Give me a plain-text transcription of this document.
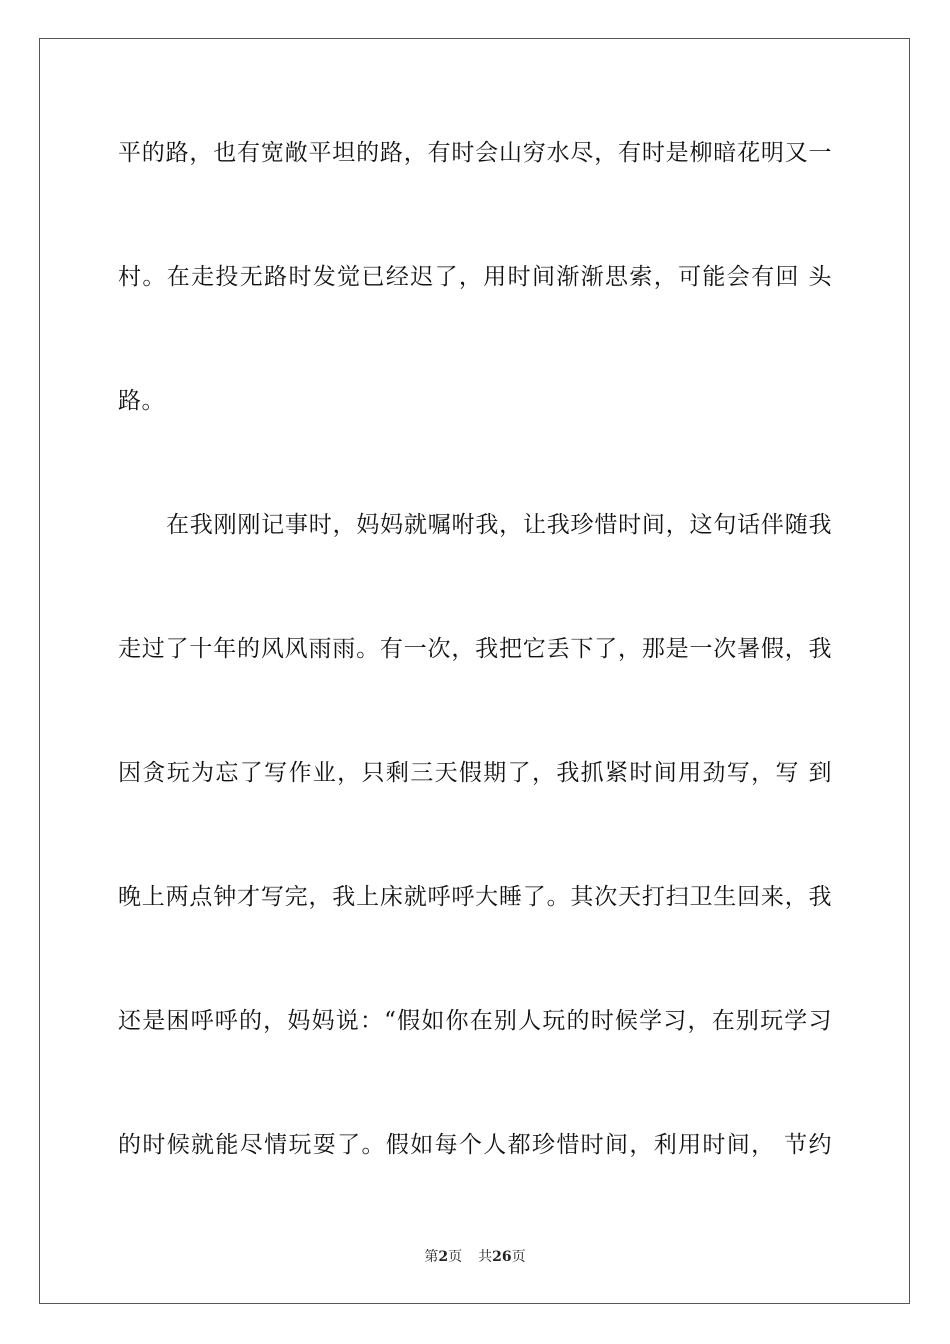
平的路，也有宽敞平坦的路，有时会山穷水尽，有时是柳暗花明又一
村。在走投无路时发觉已经迟了，用时间渐渐思索，可能会有回 头
路。
在我刚刚记事时，妈妈就嘱咐我，让我珍惜时间，这句话伴随我
走过了十年的风风雨雨。有一次，我把它丢下了，那是一次暑假，我
因贪玩为忘了写作业，只剩三天假期了，我抓紧时间用劲写，写 到
晚上两点钟才写完，我上床就呼呼大睡了。其次天打扫卫生回来，我
还是困呼呼的，妈妈说：“假如你在别人玩的时候学习，在别玩学习
的时候就能尽情玩耍了。假如每个人都珍惜时间，利用时间， 节约
第2页 共26页
